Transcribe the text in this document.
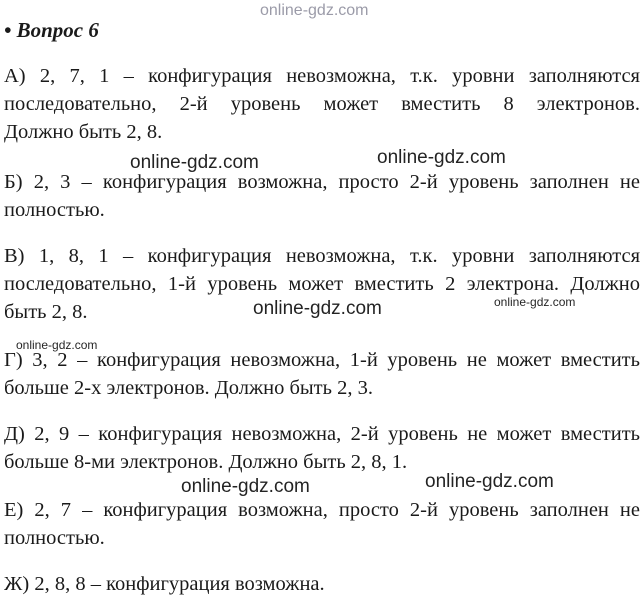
online-gdz.com
• Вопрос 6
А) 2, 7, 1 – конфигурация невозможна, т.к. уровни заполняются
последовательно, 2-й уровень может вместить 8 электронов.
Должно быть 2, 8.
Б) 2, 3 – конфигурация возможна, просто 2-й уровень заполнен не
полностью.
В) 1, 8, 1 – конфигурация невозможна, т.к. уровни заполняются
последовательно, 1-й уровень может вместить 2 электрона. Должно
быть 2, 8.
Г) 3, 2 – конфигурация невозможна, 1-й уровень не может вместить
больше 2-х электронов. Должно быть 2, 3.
Д) 2, 9 – конфигурация невозможна, 2-й уровень не может вместить
больше 8-ми электронов. Должно быть 2, 8, 1.
Е) 2, 7 – конфигурация возможна, просто 2-й уровень заполнен не
полностью.
Ж) 2, 8, 8 – конфигурация возможна.
online-gdz.com	online-gdz.com
online-gdz.com
online-gdz.com
online-gdz.com
online-gdz.com	online-gdz.com
